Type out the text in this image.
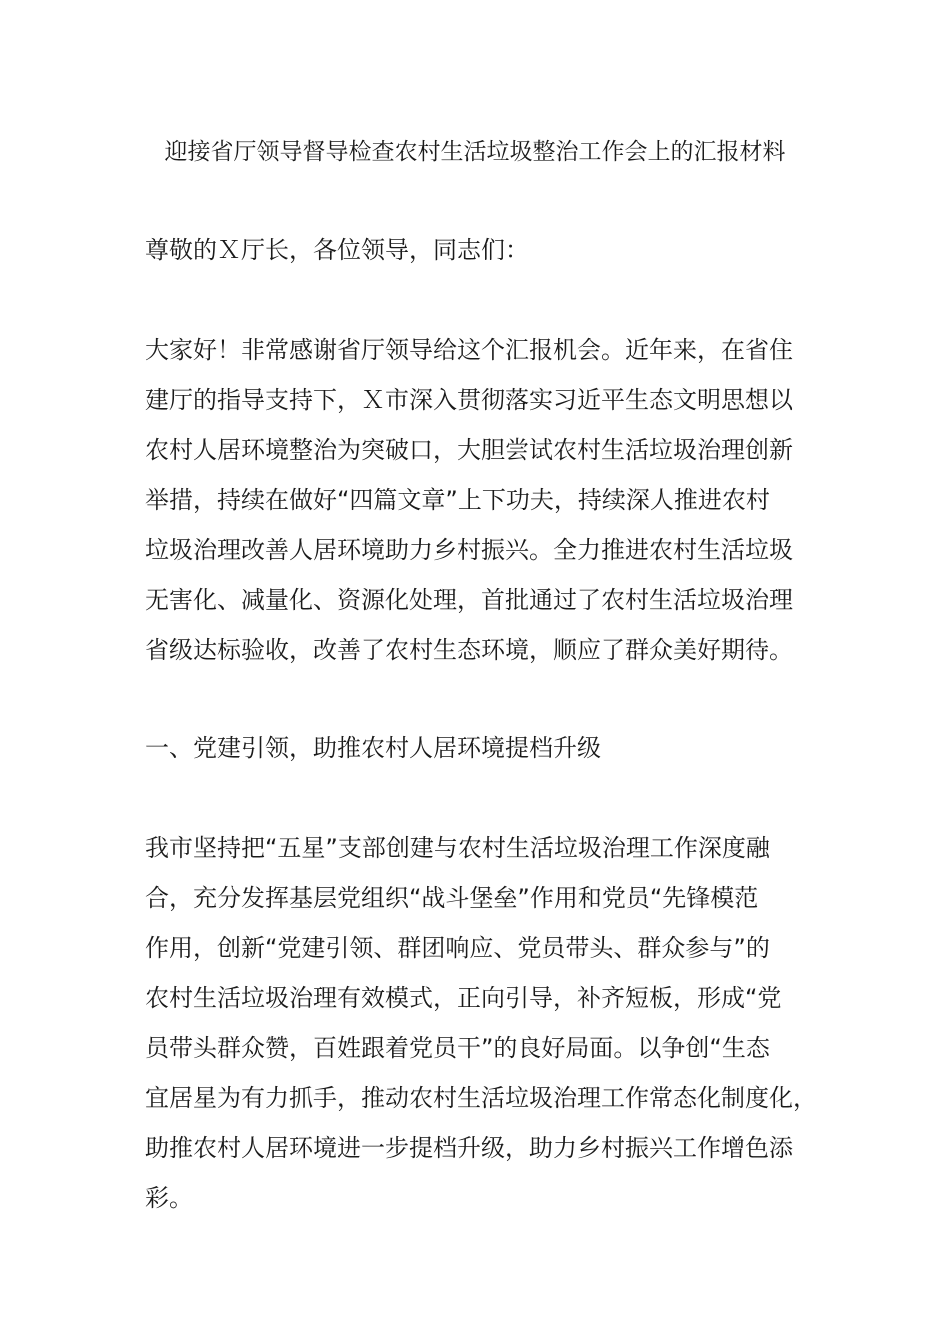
迎接省厅领导督导检查农村生活垃圾整治工作会上的汇报材料
尊敬的Ｘ厅长，各位领导，同志们：
大家好！非常感谢省厅领导给这个汇报机会。近年来，在省住
建厅的指导支持下，Ｘ市深入贯彻落实习近平生态文明思想以
农村人居环境整治为突破口，大胆尝试农村生活垃圾治理创新
举措，持续在做好“四篇文章”上下功夫，持续深人推进农村
垃圾治理改善人居环境助力乡村振兴。全力推进农村生活垃圾
无害化、减量化、资源化处理，首批通过了农村生活垃圾治理
省级达标验收，改善了农村生态环境，顺应了群众美好期待。
一、党建引领，助推农村人居环境提档升级
我市坚持把“五星”支部创建与农村生活垃圾治理工作深度融
合，充分发挥基层党组织“战斗堡垒”作用和党员“先锋模范
作用，创新“党建引领、群团响应、党员带头、群众参与”的
农村生活垃圾治理有效模式，正向引导，补齐短板，形成“党
员带头群众赞，百姓跟着党员干”的良好局面。以争创“生态
宜居星为有力抓手，推动农村生活垃圾治理工作常态化制度化，
助推农村人居环境进一步提档升级，助力乡村振兴工作增色添
彩。
